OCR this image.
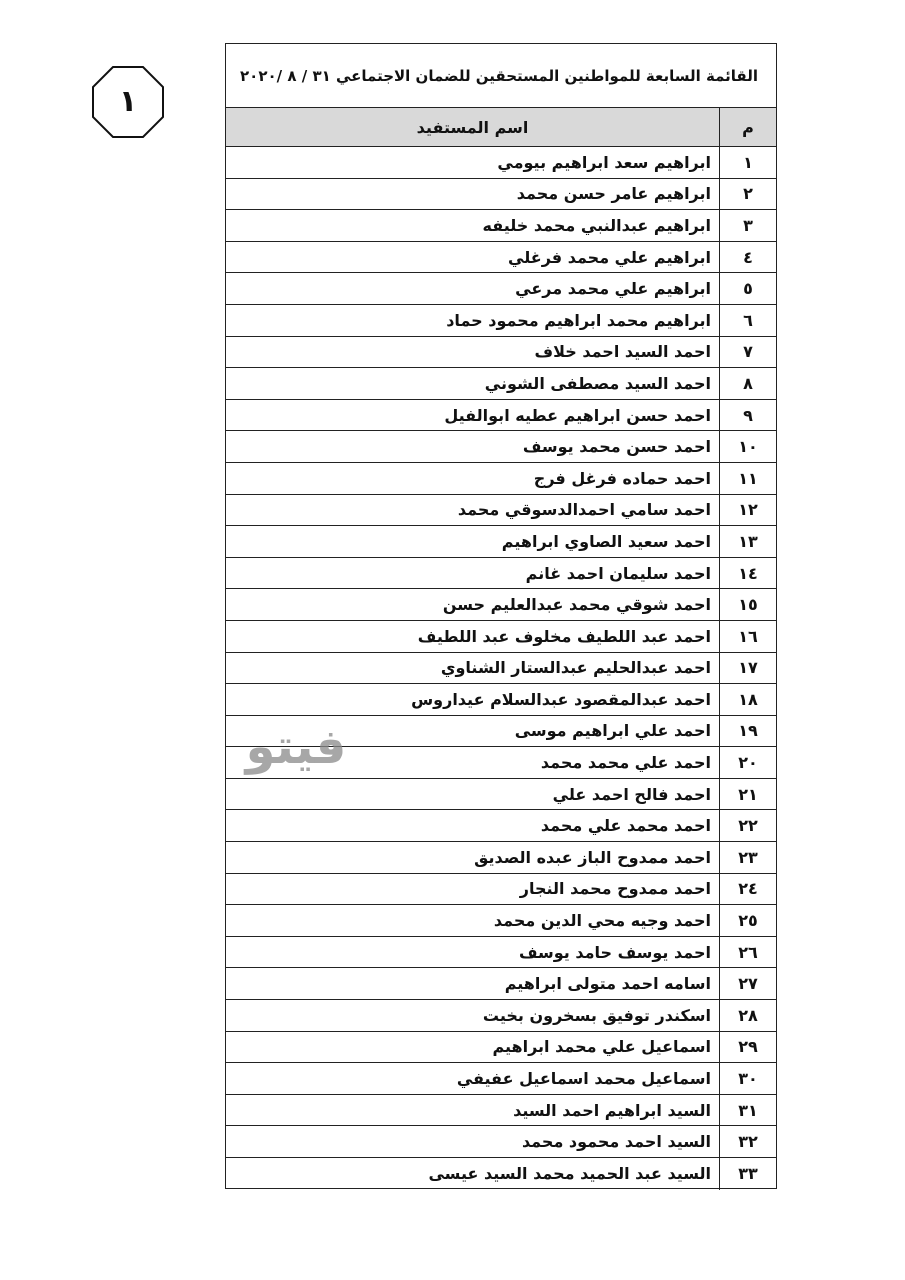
١
القائمة السابعة للمواطنين المستحقين للضمان الاجتماعي ٣١ / ٨ /٢٠٢٠
م
اسم المستفيد
١
ابراهيم سعد ابراهيم بيومي
٢
ابراهيم عامر حسن محمد
٣
ابراهيم عبدالنبي محمد خليفه
٤
ابراهيم علي محمد فرغلي
٥
ابراهيم علي محمد مرعي
٦
ابراهيم محمد ابراهيم محمود حماد
٧
احمد السيد احمد خلاف
٨
احمد السيد مصطفى الشوني
٩
احمد حسن ابراهيم عطيه ابوالفيل
١٠
احمد حسن محمد يوسف
١١
احمد حماده فرغل فرج
١٢
احمد سامي احمدالدسوقي محمد
١٣
احمد سعيد الصاوي ابراهيم
١٤
احمد سليمان احمد غانم
١٥
احمد شوقي محمد عبدالعليم حسن
١٦
احمد عبد اللطيف مخلوف عبد اللطيف
١٧
احمد عبدالحليم عبدالستار الشناوي
١٨
احمد عبدالمقصود عبدالسلام عيداروس
١٩
احمد علي ابراهيم موسى
٢٠
احمد علي محمد محمد
٢١
احمد فالح احمد علي
٢٢
احمد محمد علي محمد
٢٣
احمد ممدوح الباز عبده الصديق
٢٤
احمد ممدوح محمد النجار
٢٥
احمد وجيه محي الدين محمد
٢٦
احمد يوسف حامد يوسف
٢٧
اسامه احمد متولى ابراهيم
٢٨
اسكندر توفيق بسخرون بخيت
٢٩
اسماعيل علي محمد ابراهيم
٣٠
اسماعيل محمد اسماعيل عفيفي
٣١
السيد ابراهيم احمد السيد
٣٢
السيد احمد محمود محمد
٣٣
السيد عبد الحميد محمد السيد عيسى
فيتو
